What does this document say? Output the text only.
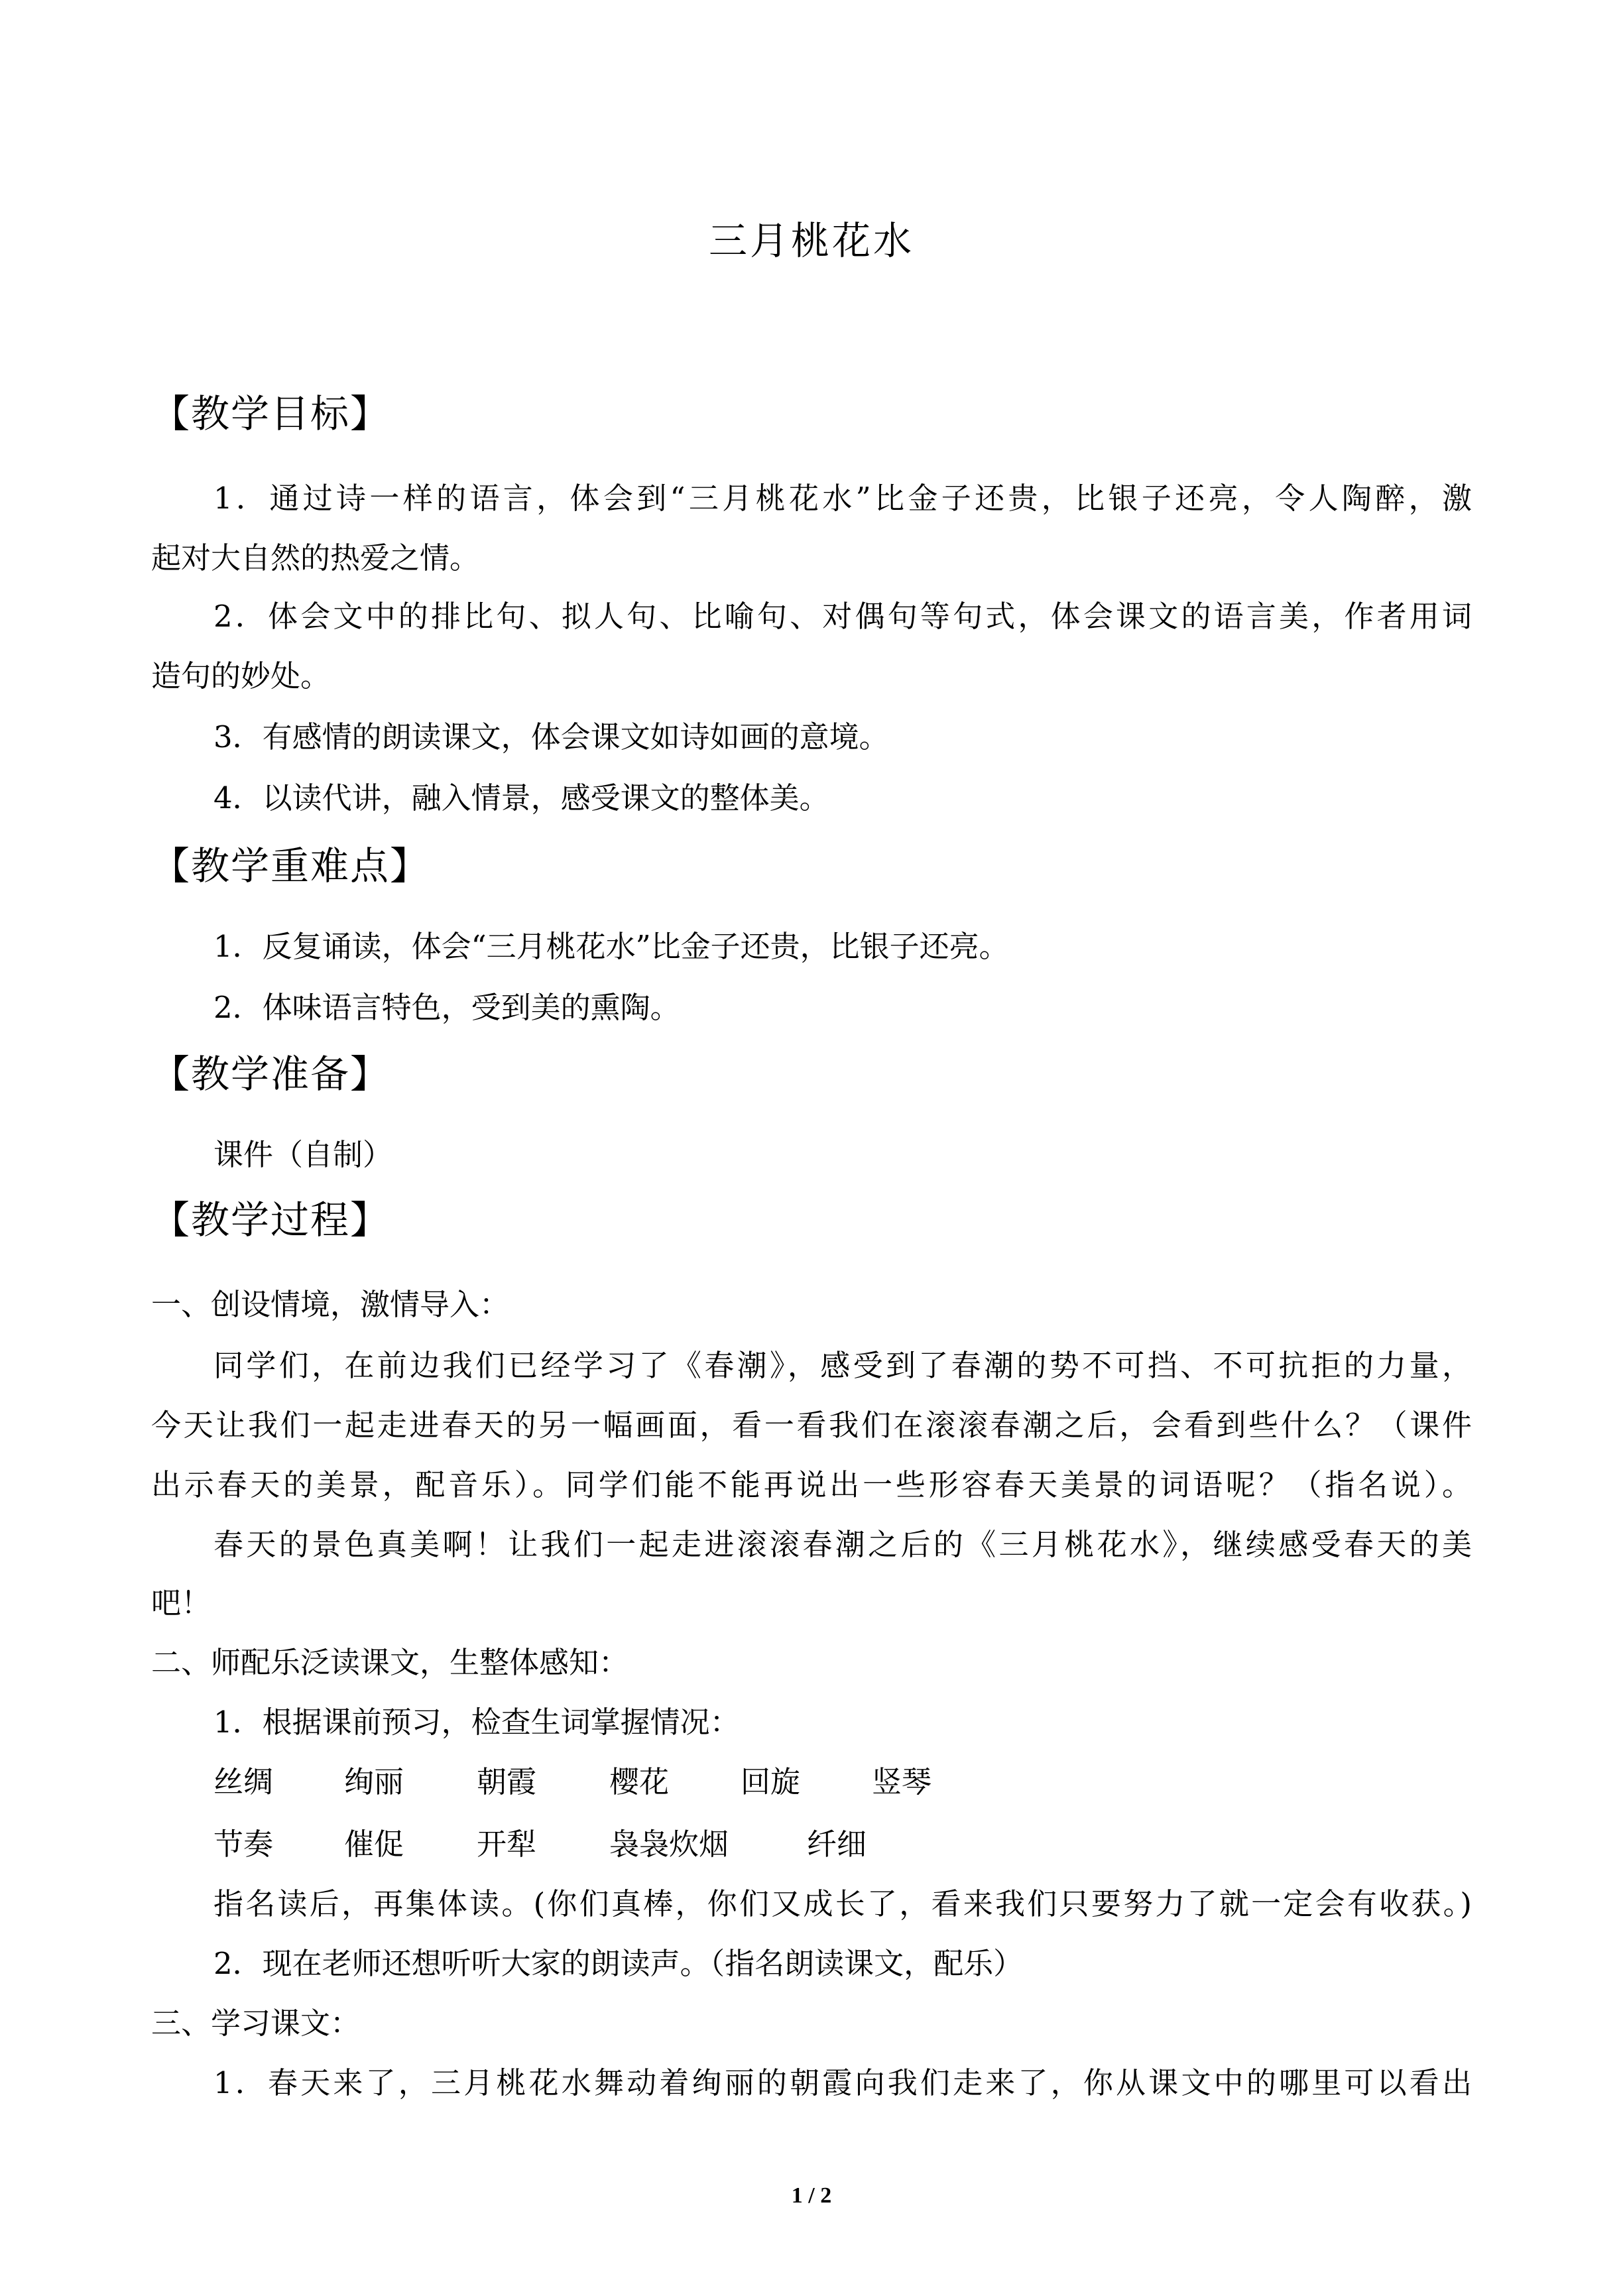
三月桃花水
【教学目标】
1．通过诗一样的语言，体会到“三月桃花水”比金子还贵，比银子还亮，令人陶醉，激
起对大自然的热爱之情。
2．体会文中的排比句、拟人句、比喻句、对偶句等句式，体会课文的语言美，作者用词
造句的妙处。
3．有感情的朗读课文，体会课文如诗如画的意境。
4．以读代讲，融入情景，感受课文的整体美。
【教学重难点】
1．反复诵读，体会“三月桃花水”比金子还贵，比银子还亮。
2．体味语言特色，受到美的熏陶。
【教学准备】
课件（自制）
【教学过程】
一、创设情境，激情导入：
同学们，在前边我们已经学习了《春潮》，感受到了春潮的势不可挡、不可抗拒的力量，
今天让我们一起走进春天的另一幅画面，看一看我们在滚滚春潮之后，会看到些什么？（课件
出示春天的美景，配音乐）。同学们能不能再说出一些形容春天美景的词语呢？（指名说）。
春天的景色真美啊！让我们一起走进滚滚春潮之后的《三月桃花水》，继续感受春天的美
吧！
二、师配乐泛读课文，生整体感知：
1．根据课前预习，检查生词掌握情况：
丝绸 绚丽 朝霞 樱花 回旋 竖琴
节奏 催促 开犁 袅袅炊烟	纤细
指名读后，再集体读。(你们真棒，你们又成长了，看来我们只要努力了就一定会有收获。)
2．现在老师还想听听大家的朗读声。（指名朗读课文，配乐）
三、学习课文：
1．春天来了，三月桃花水舞动着绚丽的朝霞向我们走来了，你从课文中的哪里可以看出
1 / 2
